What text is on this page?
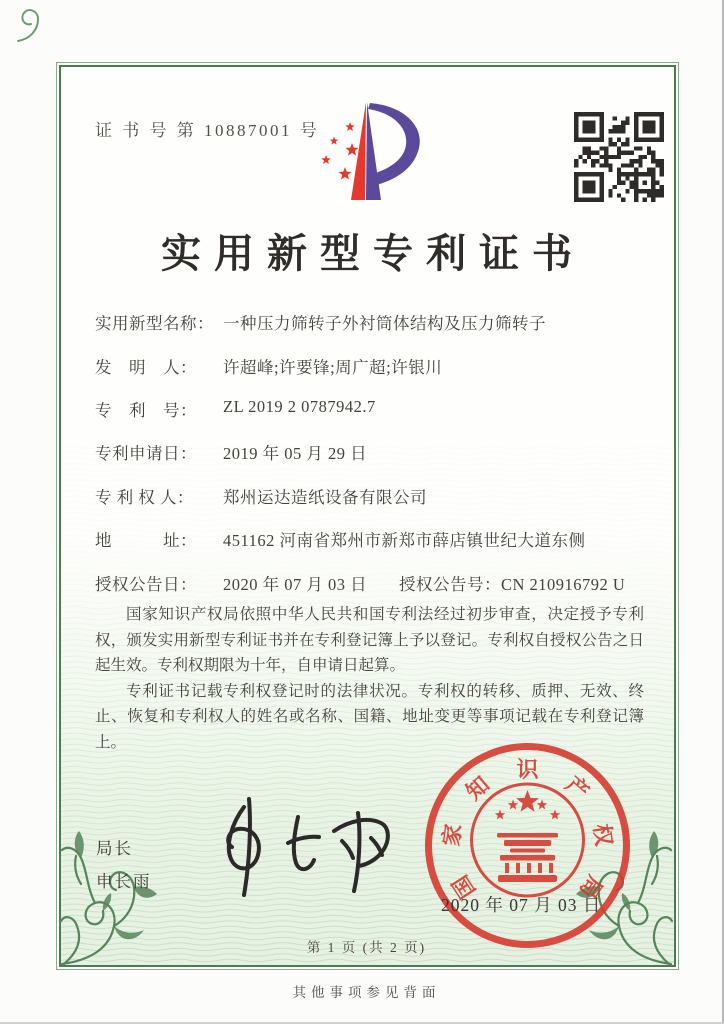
证 书 号 第 10887001 号
实用新型专利证书
实用新型名称： 一种压力筛转子外衬筒体结构及压力筛转子
发　明　人： 许超峰;许要锋;周广超;许银川
专　利　号： ZL 2019 2 0787942.7
专利申请日： 2019 年 05 月 29 日
专 利 权 人： 郑州运达造纸设备有限公司
地　　　址： 451162 河南省郑州市新郑市薛店镇世纪大道东侧
授权公告日： 2020 年 07 月 03 日 授权公告号：CN 210916792 U

国家知识产权局依照中华人民共和国专利法经过初步审查，决定授予专利权，颁发实用新型专利证书并在专利登记簿上予以登记。专利权自授权公告之日起生效。专利权期限为十年，自申请日起算。

专利证书记载专利权登记时的法律状况。专利权的转移、质押、无效、终止、恢复和专利权人的姓名或名称、国籍、地址变更等事项记载在专利登记簿上。

局长
申长雨	国
家
知
识
产
权
局
2020 年 07 月 03 日
第 1 页 (共 2 页)
其他事项参见背面
